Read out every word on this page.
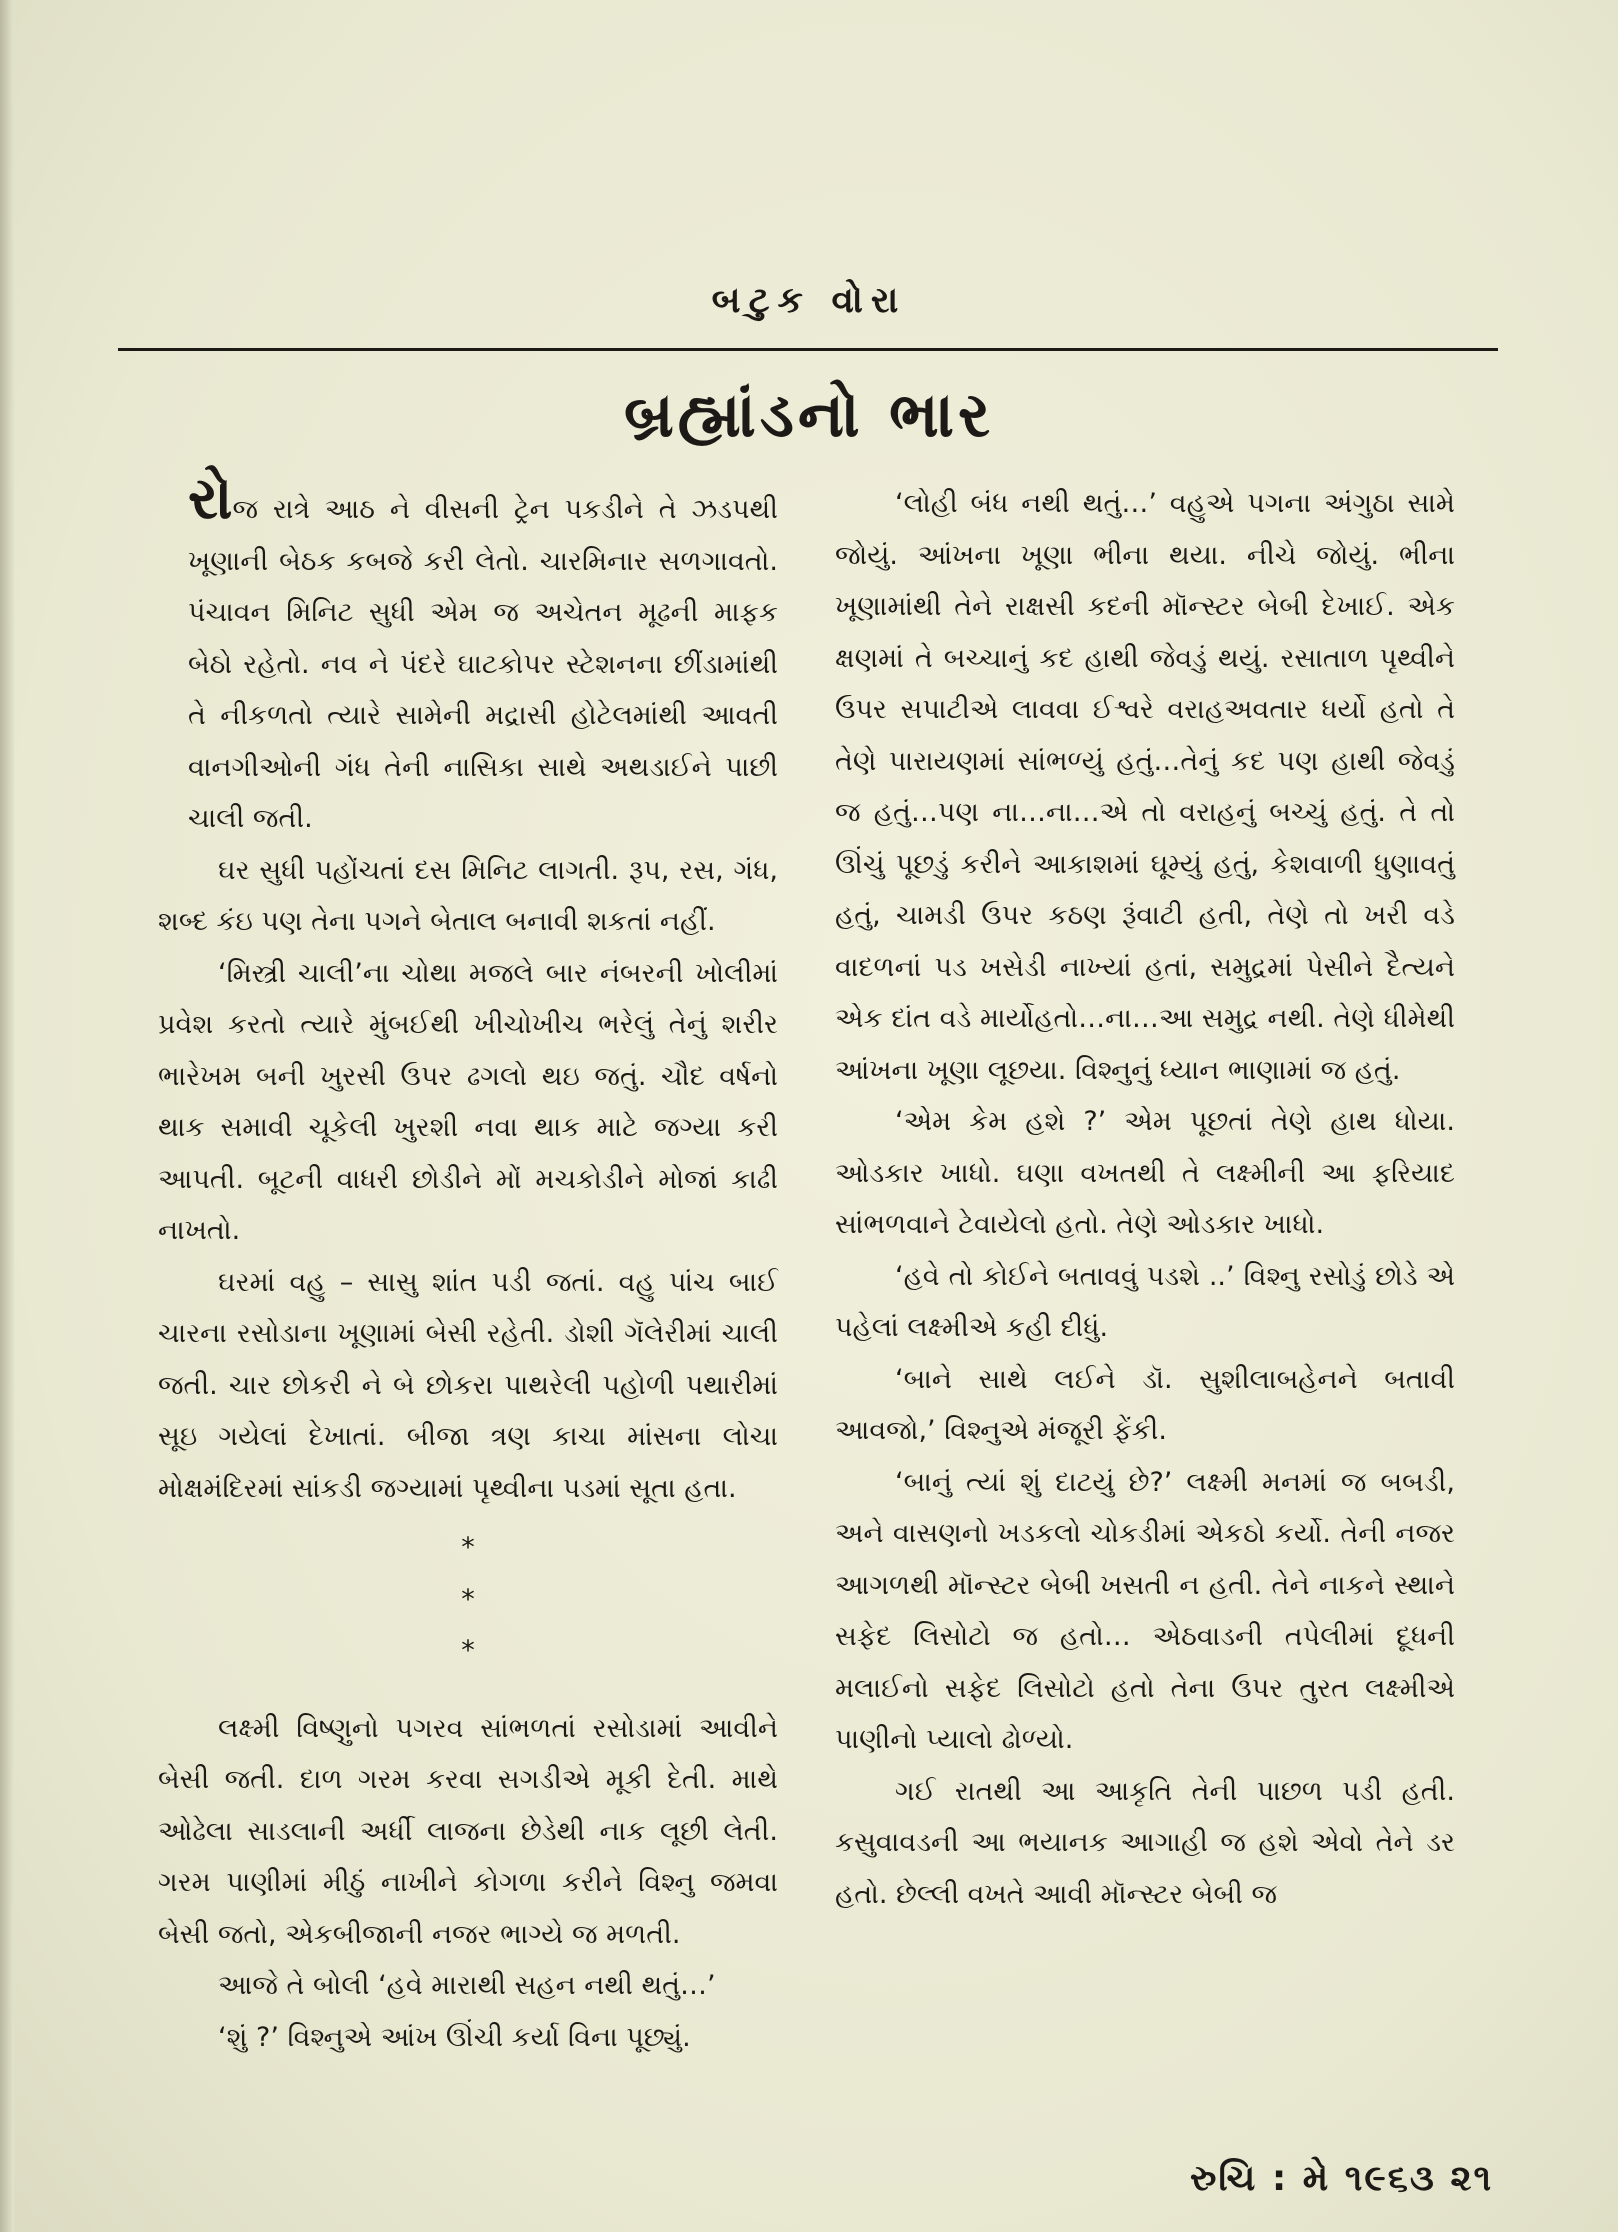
બટુક વોરા
બ્રહ્માંડનો ભાર

રોજ રાત્રે આઠ ને વીસની ટ્રેન પકડીને તે ઝડપથી ખૂણાની બેઠક કબજે કરી લેતો. ચારમિનાર સળગાવતો. પંચાવન મિનિટ સુધી એમ જ અચેતન મૂઢની માફક બેઠો રહેતો. નવ ને પંદરે ઘાટકોપર સ્ટેશનના છીંડામાંથી તે નીકળતો ત્યારે સામેની મદ્રાસી હોટેલમાંથી આવતી વાનગીઓની ગંધ તેની નાસિકા સાથે અથડાઈને પાછી ચાલી જતી.

ઘર સુધી પહોંચતાં દસ મિનિટ લાગતી. રૂપ, રસ, ગંધ, શબ્દ કંઇ પણ તેના પગને બેતાલ બનાવી શકતાં નહીં.

‘મિસ્ત્રી ચાલી’ના ચોથા મજલે બાર નંબરની ખોલીમાં પ્રવેશ કરતો ત્યારે મુંબઈથી ખીચોખીચ ભરેલું તેનું શરીર ભારેખમ બની ખુરસી ઉપર ઢગલો થઇ જતું. ચૌદ વર્ષનો થાક સમાવી ચૂકેલી ખુરશી નવા થાક માટે જગ્યા કરી આપતી. બૂટની વાધરી છોડીને મોં મચકોડીને મોજાં કાઢી નાખતો.

ઘરમાં વહુ – સાસુ શાંત પડી જતાં. વહુ પાંચ બાઈ ચારના રસોડાના ખૂણામાં બેસી રહેતી. ડોશી ગૅલેરીમાં ચાલી જતી. ચાર છોકરી ને બે છોકરા પાથરેલી પહોળી પથારીમાં સૂઇ ગયેલાં દેખાતાં. બીજા ત્રણ કાચા માંસના લોચા મોક્ષમંદિરમાં સાંકડી જગ્યામાં પૃથ્વીના પડમાં સૂતા હતા.

* * *

લક્ષ્મી વિષ્ણુનો પગરવ સાંભળતાં રસોડામાં આવીને બેસી જતી. દાળ ગરમ કરવા સગડીએ મૂકી દેતી. માથે ઓઢેલા સાડલાની અર્ધી લાજના છેડેથી નાક લૂછી લેતી. ગરમ પાણીમાં મીઠું નાખીને કોગળા કરીને વિશ્નુ જમવા બેસી જતો, એકબીજાની નજર ભાગ્યે જ મળતી.

આજે તે બોલી ‘હવે મારાથી સહન નથી થતું…’

‘શું ?’ વિશ્નુએ આંખ ઊંચી કર્યા વિના પૂછ્યું.

‘લોહી બંધ નથી થતું…’ વહુએ પગના અંગુઠા સામે જોયું. આંખના ખૂણા ભીના થયા. નીચે જોયું. ભીના ખૂણામાંથી તેને રાક્ષસી કદની મૉન્સ્ટર બેબી દેખાઈ. એક ક્ષણમાં તે બચ્ચાનું કદ હાથી જેવડું થયું. રસાતાળ પૃથ્વીને ઉપર સપાટીએ લાવવા ઈશ્વરે વરાહઅવતાર ધર્યો હતો તે તેણે પારાયણમાં સાંભળ્યું હતું…તેનું કદ પણ હાથી જેવડું જ હતું…પણ ના…ના…એ તો વરાહનું બચ્ચું હતું. તે તો ઊંચું પૂછડું કરીને આકાશમાં ઘૂમ્યું હતું, કેશવાળી ધુણાવતું હતું, ચામડી ઉપર કઠણ રૂંવાટી હતી, તેણે તો ખરી વડે વાદળનાં પડ ખસેડી નાખ્યાં હતાં, સમુદ્રમાં પેસીને દૈત્યને એક દાંત વડે માર્યોહતો…ના…આ સમુદ્ર નથી. તેણે ધીમેથી આંખના ખૂણા લૂછયા. વિશ્નુનું ધ્યાન ભાણામાં જ હતું.

‘એમ કેમ હશે ?’ એમ પૂછતાં તેણે હાથ ધોયા. ઓડકાર ખાધો. ઘણા વખતથી તે લક્ષ્મીની આ ફરિયાદ સાંભળવાને ટેવાયેલો હતો. તેણે ઓડકાર ખાધો.

‘હવે તો કોઈને બતાવવું પડશે ..’ વિશ્નુ રસોડું છોડે એ પહેલાં લક્ષ્મીએ કહી દીધું.

‘બાને સાથે લઈને ડૉ. સુશીલાબહેનને બતાવી આવજો,’ વિશ્નુએ મંજૂરી ફેંકી.

‘બાનું ત્યાં શું દાટયું છે?’ લક્ષ્મી મનમાં જ બબડી, અને વાસણનો ખડકલો ચોકડીમાં એકઠો કર્યો. તેની નજર આગળથી મૉન્સ્ટર બેબી ખસતી ન હતી. તેને નાકને સ્થાને સફેદ લિસોટો જ હતો… એઠવાડની તપેલીમાં દૂધની મલાઈનો સફેદ લિસોટો હતો તેના ઉપર તુરત લક્ષ્મીએ પાણીનો પ્યાલો ઢોળ્યો.

ગઈ રાતથી આ આકૃતિ તેની પાછળ પડી હતી. કસુવાવડની આ ભયાનક આગાહી જ હશે એવો તેને ડર હતો. છેલ્લી વખતે આવી મૉન્સ્ટર બેબી જ

રુચિ : મે ૧૯૬૩ ૨૧
